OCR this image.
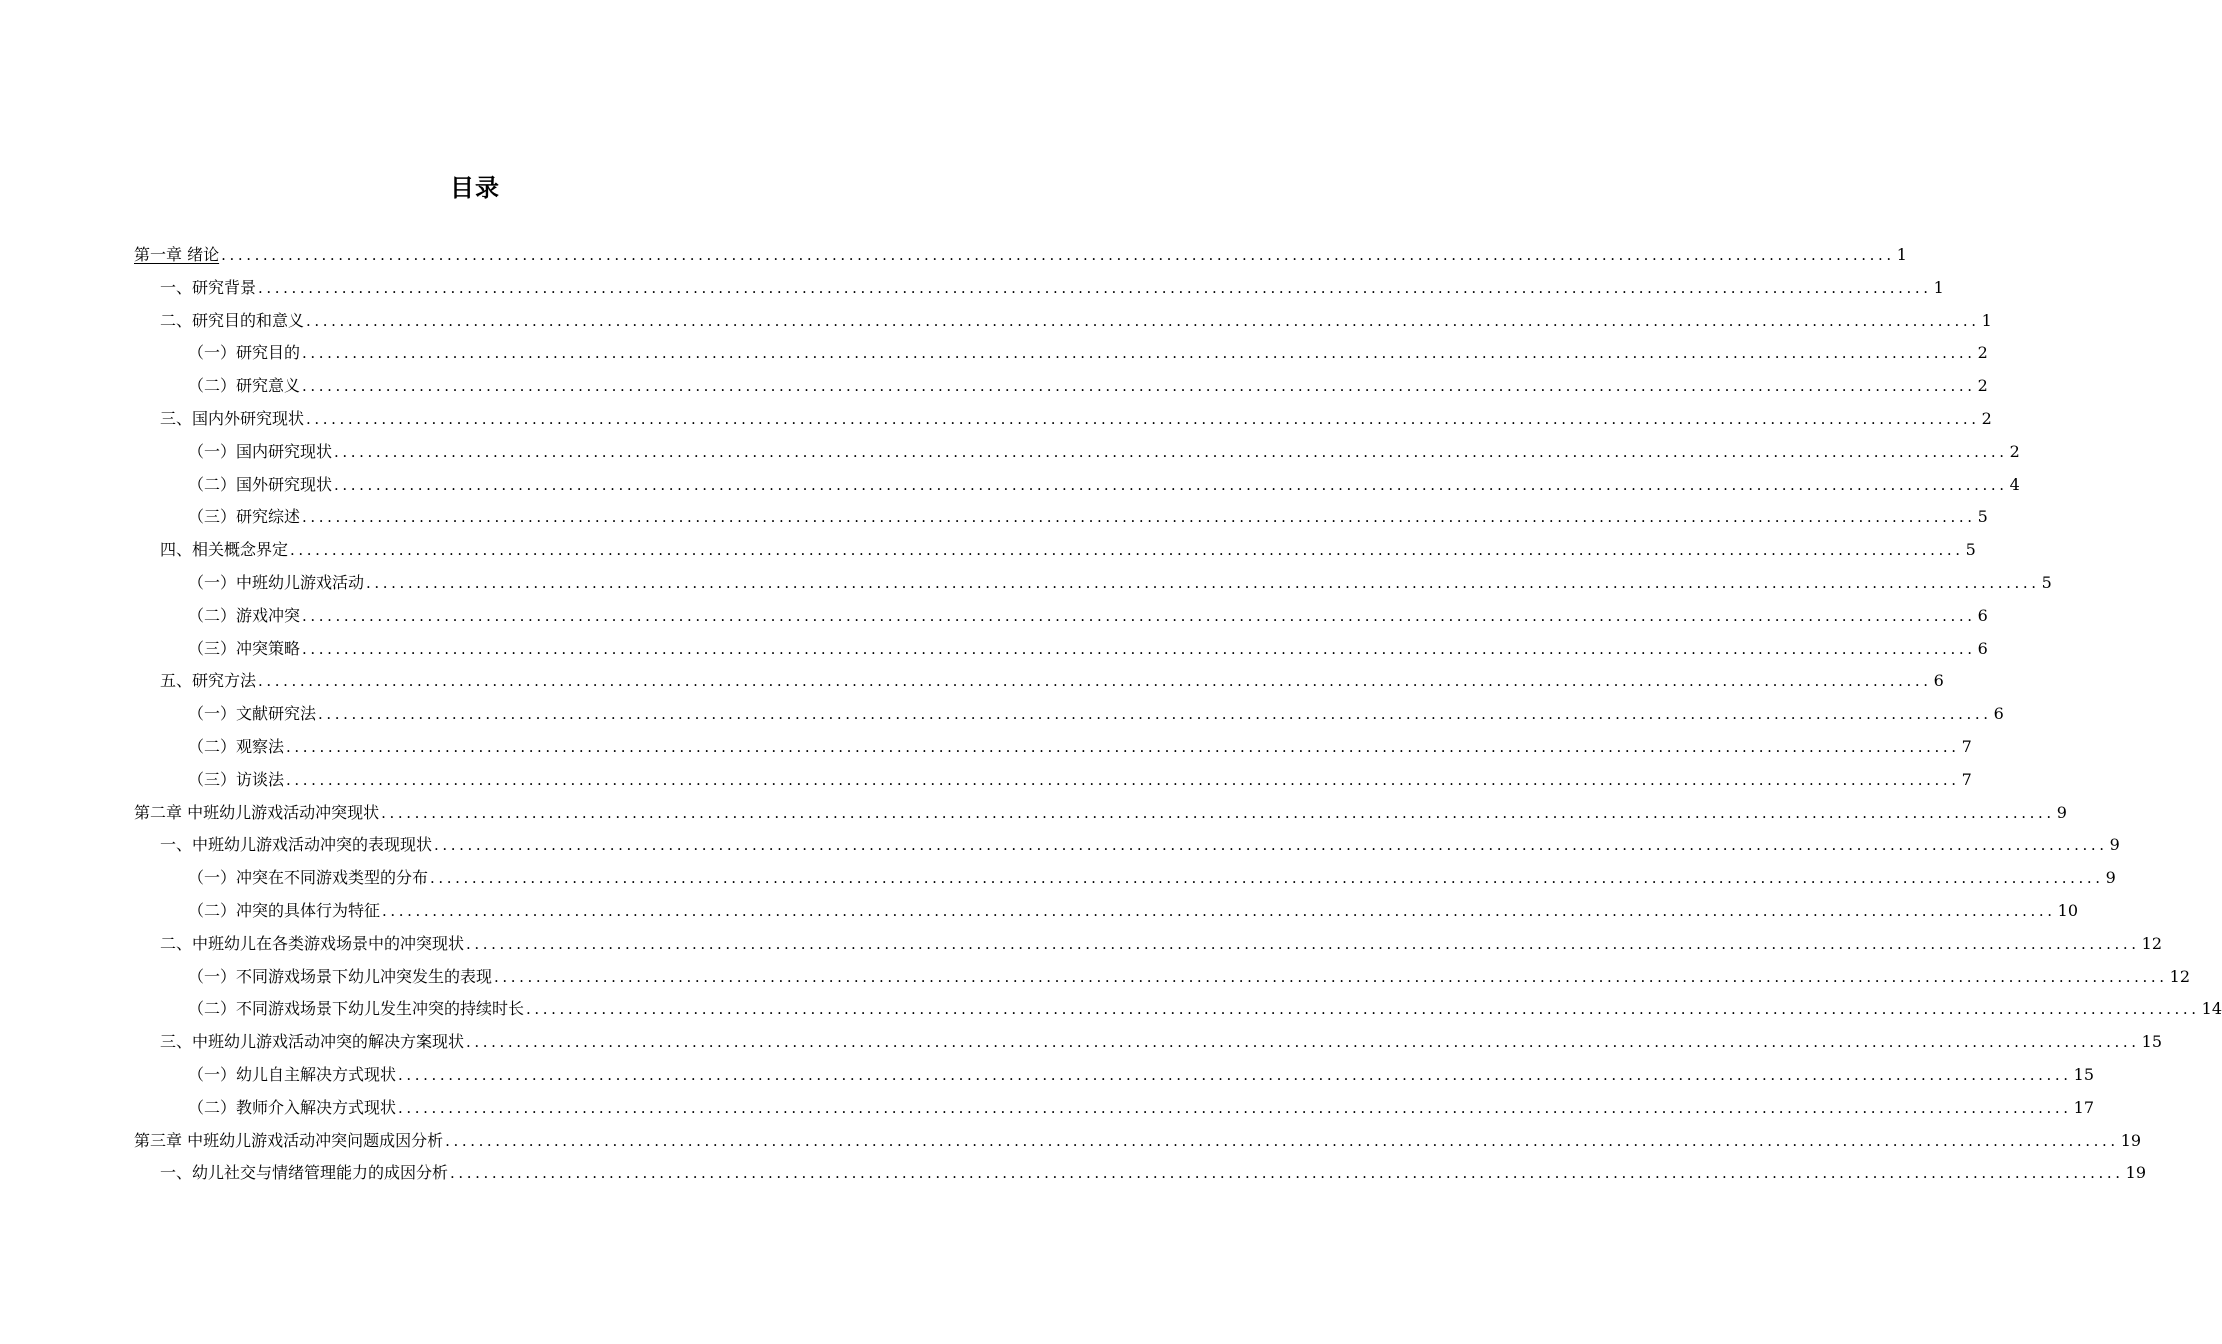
目录
第一章 绪论 ........................................................................................................................................................................................................ 1
一、研究背景 ........................................................................................................................................................................................................ 1
二、研究目的和意义 ........................................................................................................................................................................................................ 1
（一）研究目的 ........................................................................................................................................................................................................ 2
（二）研究意义 ........................................................................................................................................................................................................ 2
三、国内外研究现状 ........................................................................................................................................................................................................ 2
（一）国内研究现状 ........................................................................................................................................................................................................ 2
（二）国外研究现状 ........................................................................................................................................................................................................ 4
（三）研究综述 ........................................................................................................................................................................................................ 5
四、相关概念界定 ........................................................................................................................................................................................................ 5
（一）中班幼儿游戏活动 ........................................................................................................................................................................................................ 5
（二）游戏冲突 ........................................................................................................................................................................................................ 6
（三）冲突策略 ........................................................................................................................................................................................................ 6
五、研究方法 ........................................................................................................................................................................................................ 6
（一）文献研究法 ........................................................................................................................................................................................................ 6
（二）观察法 ........................................................................................................................................................................................................ 7
（三）访谈法 ........................................................................................................................................................................................................ 7
第二章 中班幼儿游戏活动冲突现状 ........................................................................................................................................................................................................ 9
一、中班幼儿游戏活动冲突的表现现状 ........................................................................................................................................................................................................ 9
（一）冲突在不同游戏类型的分布 ........................................................................................................................................................................................................ 9
（二）冲突的具体行为特征 ........................................................................................................................................................................................................ 10
二、中班幼儿在各类游戏场景中的冲突现状 ........................................................................................................................................................................................................ 12
（一）不同游戏场景下幼儿冲突发生的表现 ........................................................................................................................................................................................................ 12
（二）不同游戏场景下幼儿发生冲突的持续时长 ........................................................................................................................................................................................................ 14
三、中班幼儿游戏活动冲突的解决方案现状 ........................................................................................................................................................................................................ 15
（一）幼儿自主解决方式现状 ........................................................................................................................................................................................................ 15
（二）教师介入解决方式现状 ........................................................................................................................................................................................................ 17
第三章 中班幼儿游戏活动冲突问题成因分析 ........................................................................................................................................................................................................ 19
一、幼儿社交与情绪管理能力的成因分析 ........................................................................................................................................................................................................ 19
